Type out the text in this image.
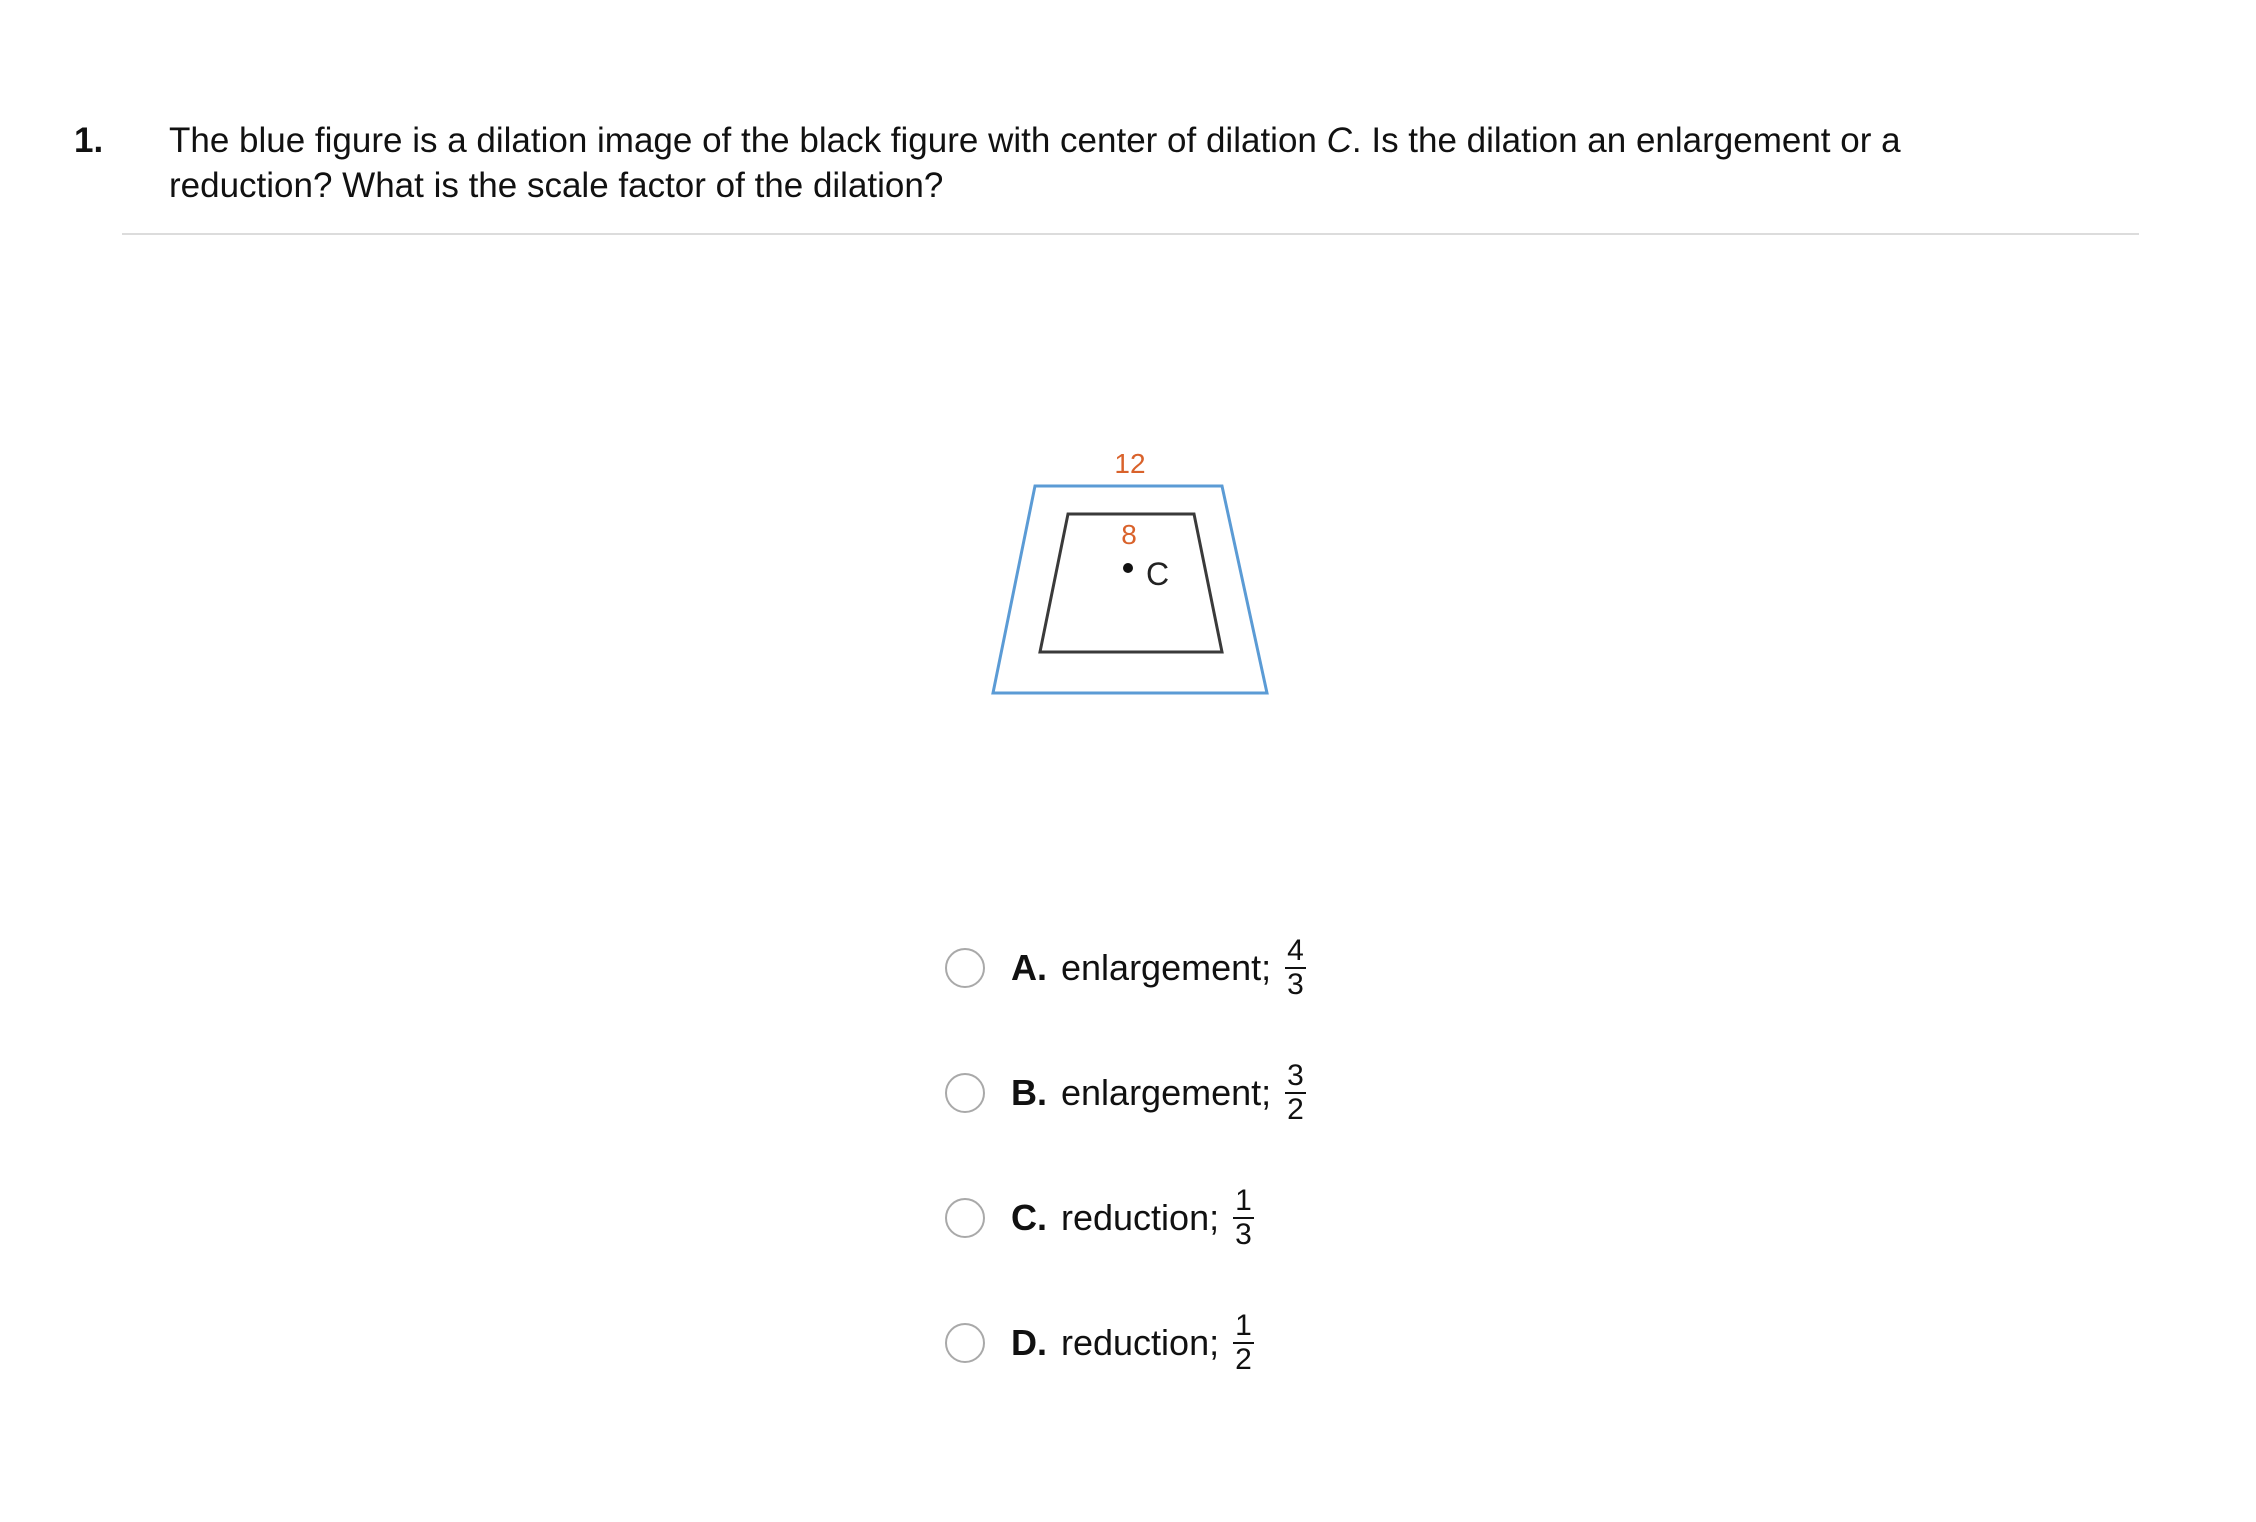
1.	The blue figure is a dilation image of the black figure with center of dilation C. Is the dilation an enlargement or a
reduction? What is the scale factor of the dilation?
12
8
C
A. enlargement; $\frac{4}{3}$
B. enlargement; $\frac{3}{2}$
C. reduction; $\frac{1}{3}$
D. reduction; $\frac{1}{2}$
